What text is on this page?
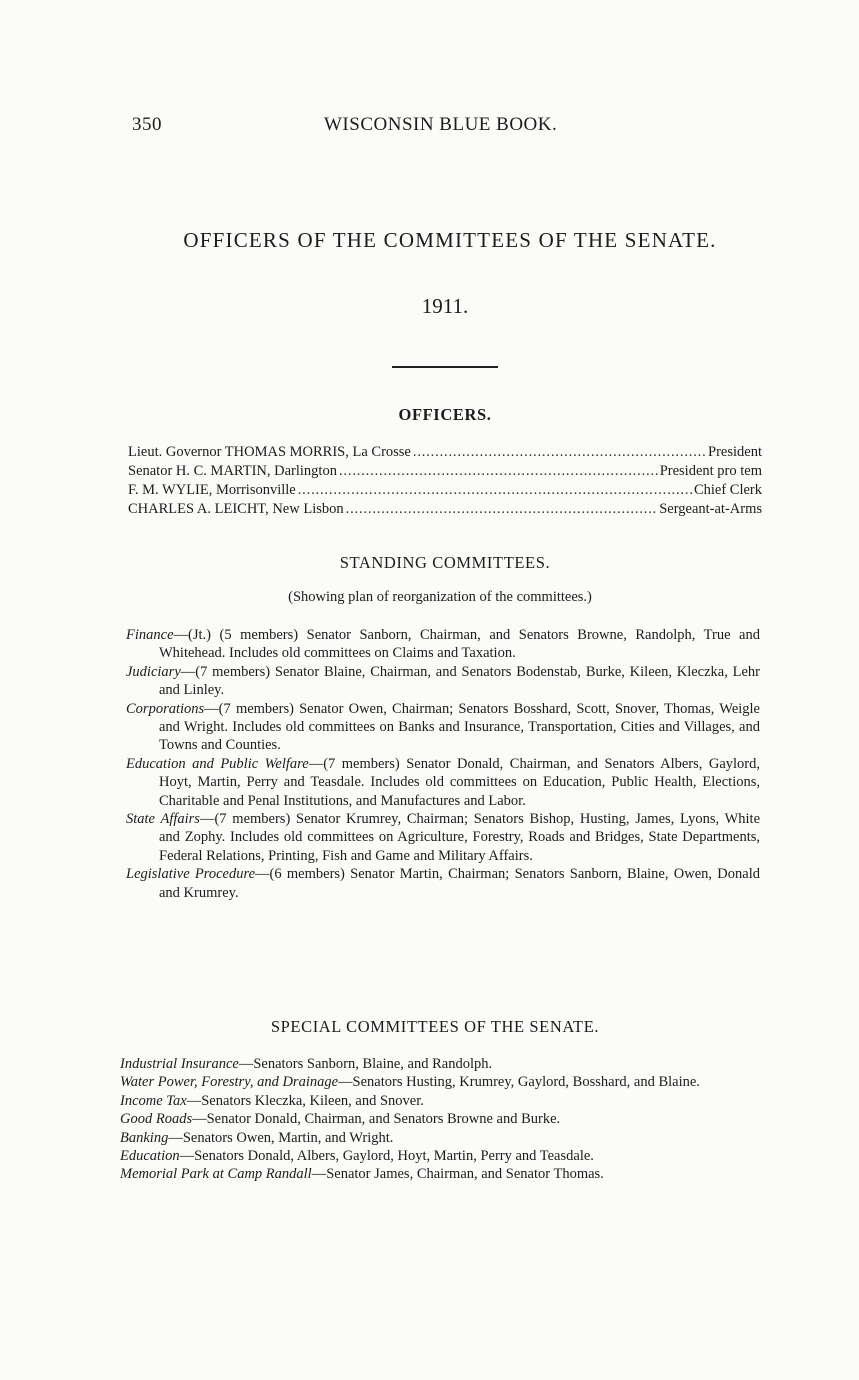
350	WISCONSIN BLUE BOOK.
OFFICERS OF THE COMMITTEES OF THE SENATE.
1911.
OFFICERS.
Lieut. Governor THOMAS MORRIS, La Crosse . . .	President
Senator H. C. MARTIN, Darlington . . .	President pro tem
F. M. WYLIE, Morrisonville . . .	Chief Clerk
CHARLES A. LEICHT, New Lisbon . . .	Sergeant-at-Arms
STANDING COMMITTEES.
(Showing plan of reorganization of the committees.)
Finance—(Jt.) (5 members) Senator Sanborn, Chairman, and Senators Browne, Randolph, True and Whitehead. Includes old committees on Claims and Taxation.
Judiciary—(7 members) Senator Blaine, Chairman, and Senators Bodenstab, Burke, Kileen, Kleczka, Lehr and Linley.
Corporations—(7 members) Senator Owen, Chairman; Senators Bosshard, Scott, Snover, Thomas, Weigle and Wright. Includes old committees on Banks and Insurance, Transportation, Cities and Villages, and Towns and Counties.
Education and Public Welfare—(7 members) Senator Donald, Chairman, and Senators Albers, Gaylord, Hoyt, Martin, Perry and Teasdale. Includes old committees on Education, Public Health, Elections, Charitable and Penal Institutions, and Manufactures and Labor.
State Affairs—(7 members) Senator Krumrey, Chairman; Senators Bishop, Husting, James, Lyons, White and Zophy. Includes old committees on Agriculture, Forestry, Roads and Bridges, State Departments, Federal Relations, Printing, Fish and Game and Military Affairs.
Legislative Procedure—(6 members) Senator Martin, Chairman; Senators Sanborn, Blaine, Owen, Donald and Krumrey.
SPECIAL COMMITTEES OF THE SENATE.
Industrial Insurance—Senators Sanborn, Blaine, and Randolph.
Water Power, Forestry, and Drainage—Senators Husting, Krumrey, Gaylord, Bosshard, and Blaine.
Income Tax—Senators Kleczka, Kileen, and Snover.
Good Roads—Senator Donald, Chairman, and Senators Browne and Burke.
Banking—Senators Owen, Martin, and Wright.
Education—Senators Donald, Albers, Gaylord, Hoyt, Martin, Perry and Teasdale.
Memorial Park at Camp Randall—Senator James, Chairman, and Senator Thomas.
